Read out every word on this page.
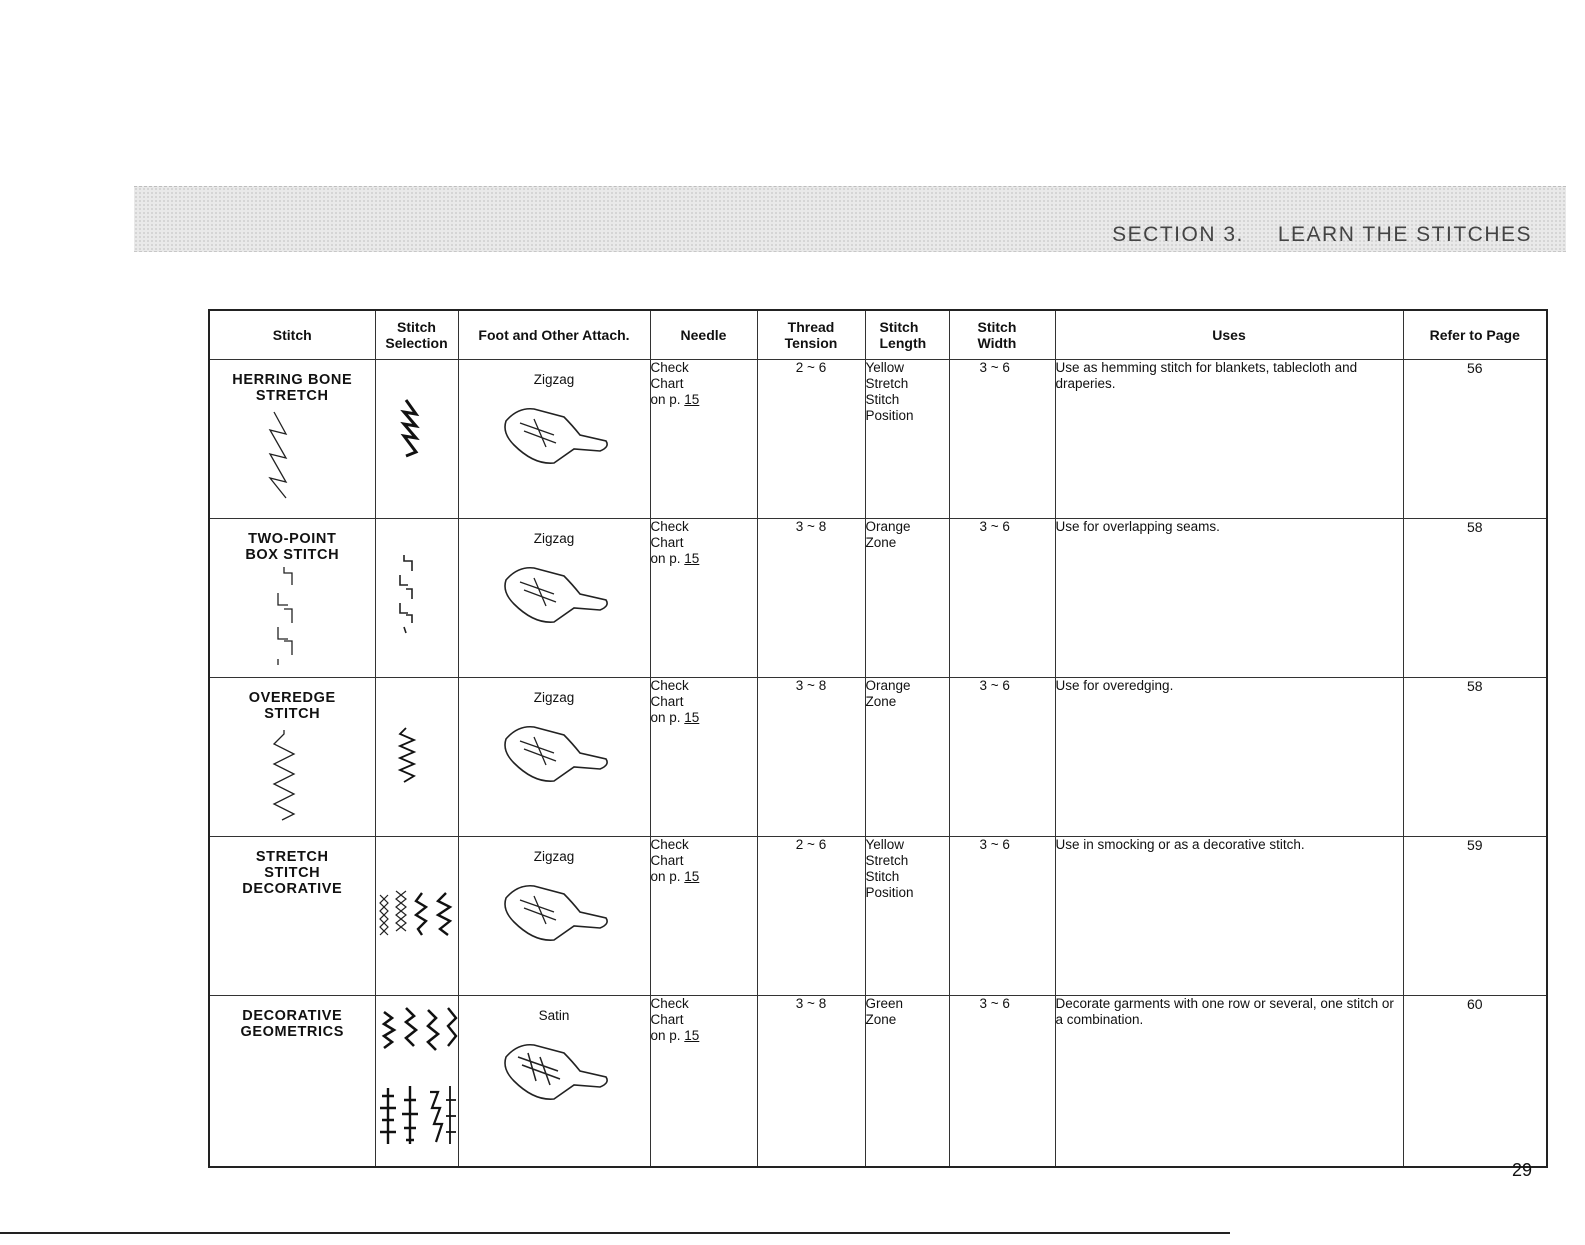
SECTION 3. LEARN THE STITCHES
Stitch	Stitch
Selection	Foot and Other Attach.	Needle	Thread
Tension	Stitch
Length	Stitch
Width	Uses	Refer to Page

HERRING BONE
STRETCH		Zigzag	Check
Chart
on p. 15	2 ~ 6	Yellow
Stretch
Stitch
Position	3 ~ 6	Use as hemming stitch for blankets, tablecloth and draperies.	56

TWO-POINT
BOX STITCH		Zigzag	Check
Chart
on p. 15	3 ~ 8	Orange
Zone	3 ~ 6	Use for overlapping seams.	58

OVEREDGE
STITCH		Zigzag	Check
Chart
on p. 15	3 ~ 8	Orange
Zone	3 ~ 6	Use for overedging.	58

STRETCH
STITCH
DECORATIVE		Zigzag	Check
Chart
on p. 15	2 ~ 6	Yellow
Stretch
Stitch
Position	3 ~ 6	Use in smocking or as a decorative stitch.	59

DECORATIVE
GEOMETRICS		Satin	Check
Chart
on p. 15	3 ~ 8	Green
Zone	3 ~ 6	Decorate garments with one row or several, one stitch or a combination.	60
29
